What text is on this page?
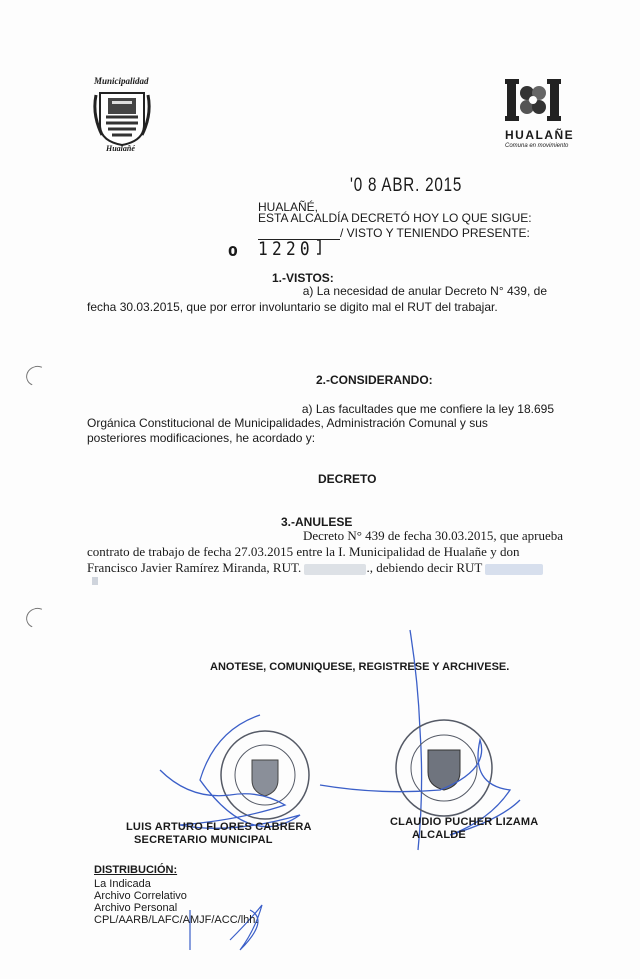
Municipalidad
Hualañé
HUALAÑE
Comuna en movimiento
'0 8 ABR. 2015
HUALAÑÉ,
ESTA ALCALDÍA DECRETÓ HOY LO QUE SIGUE:
/ VISTO Y TENIENDO PRESENTE:
𝟬 1220
1.-VISTOS:
a) La necesidad de anular Decreto N° 439, de
fecha 30.03.2015, que por error involuntario se digito mal el RUT del trabajar.
2.-CONSIDERANDO:
a) Las facultades que me confiere la ley 18.695
Orgánica Constitucional de Municipalidades, Administración Comunal y sus
posteriores modificaciones, he acordado y:
DECRETO
3.-ANULESE
Decreto N° 439 de fecha 30.03.2015, que aprueba
contrato de trabajo de fecha 27.03.2015 entre la I. Municipalidad de Hualañe y don
Francisco Javier Ramírez Miranda, RUT.	., debiendo decir RUT
ANOTESE, COMUNIQUESE, REGISTRESE Y ARCHIVESE.
LUIS ARTURO FLORES CABRERA
SECRETARIO MUNICIPAL
CLAUDIO PUCHER LIZAMA
ALCALDE
DISTRIBUCIÓN:
La Indicada
Archivo Correlativo
Archivo Personal
CPL/AARB/LAFC/AMJF/ACC/lhh.
